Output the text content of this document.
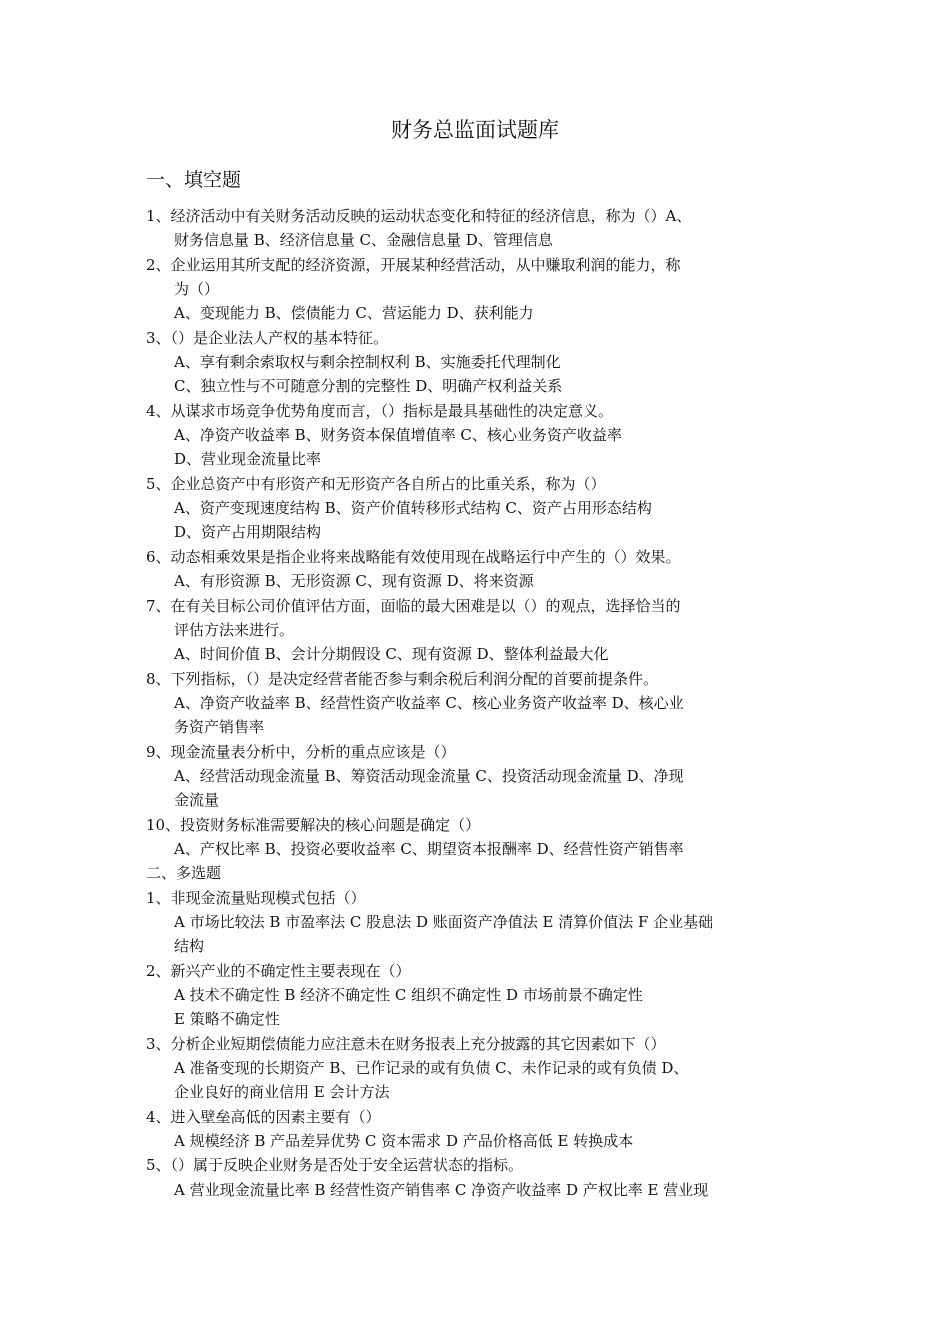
财务总监面试题库
一、填空题
1、经济活动中有关财务活动反映的运动状态变化和特征的经济信息，称为（）A、
财务信息量 B、经济信息量 C、金融信息量 D、管理信息
2、企业运用其所支配的经济资源，开展某种经营活动，从中赚取利润的能力，称
为（）
A、变现能力 B、偿债能力 C、营运能力 D、获利能力
3、（）是企业法人产权的基本特征。
A、享有剩余索取权与剩余控制权利 B、实施委托代理制化
C、独立性与不可随意分割的完整性 D、明确产权利益关系
4、从谋求市场竞争优势角度而言，（）指标是最具基础性的决定意义。
A、净资产收益率 B、财务资本保值增值率 C、核心业务资产收益率
D、营业现金流量比率
5、企业总资产中有形资产和无形资产各自所占的比重关系，称为（）
A、资产变现速度结构 B、资产价值转移形式结构 C、资产占用形态结构
D、资产占用期限结构
6、动态相乘效果是指企业将来战略能有效使用现在战略运行中产生的（）效果。
A、有形资源 B、无形资源 C、现有资源 D、将来资源
7、在有关目标公司价值评估方面，面临的最大困难是以（）的观点，选择恰当的
评估方法来进行。
A、时间价值 B、会计分期假设 C、现有资源 D、整体利益最大化
8、下列指标，（）是决定经营者能否参与剩余税后利润分配的首要前提条件。
A、净资产收益率 B、经营性资产收益率 C、核心业务资产收益率 D、核心业
务资产销售率
9、现金流量表分析中，分析的重点应该是（）
A、经营活动现金流量 B、筹资活动现金流量 C、投资活动现金流量 D、净现
金流量
10、投资财务标准需要解决的核心问题是确定（）
A、产权比率 B、投资必要收益率 C、期望资本报酬率 D、经营性资产销售率
二、多选题
1、非现金流量贴现模式包括（）
A 市场比较法 B 市盈率法 C 股息法 D 账面资产净值法 E 清算价值法 F 企业基础
结构
2、新兴产业的不确定性主要表现在（）
A 技术不确定性 B 经济不确定性 C 组织不确定性 D 市场前景不确定性
E 策略不确定性
3、分析企业短期偿债能力应注意未在财务报表上充分披露的其它因素如下（）
A 准备变现的长期资产 B、已作记录的或有负债 C、未作记录的或有负债 D、
企业良好的商业信用 E 会计方法
4、进入壁垒高低的因素主要有（）
A 规模经济 B 产品差异优势 C 资本需求 D 产品价格高低 E 转换成本
5、（）属于反映企业财务是否处于安全运营状态的指标。
A 营业现金流量比率 B 经营性资产销售率 C 净资产收益率 D 产权比率 E 营业现
